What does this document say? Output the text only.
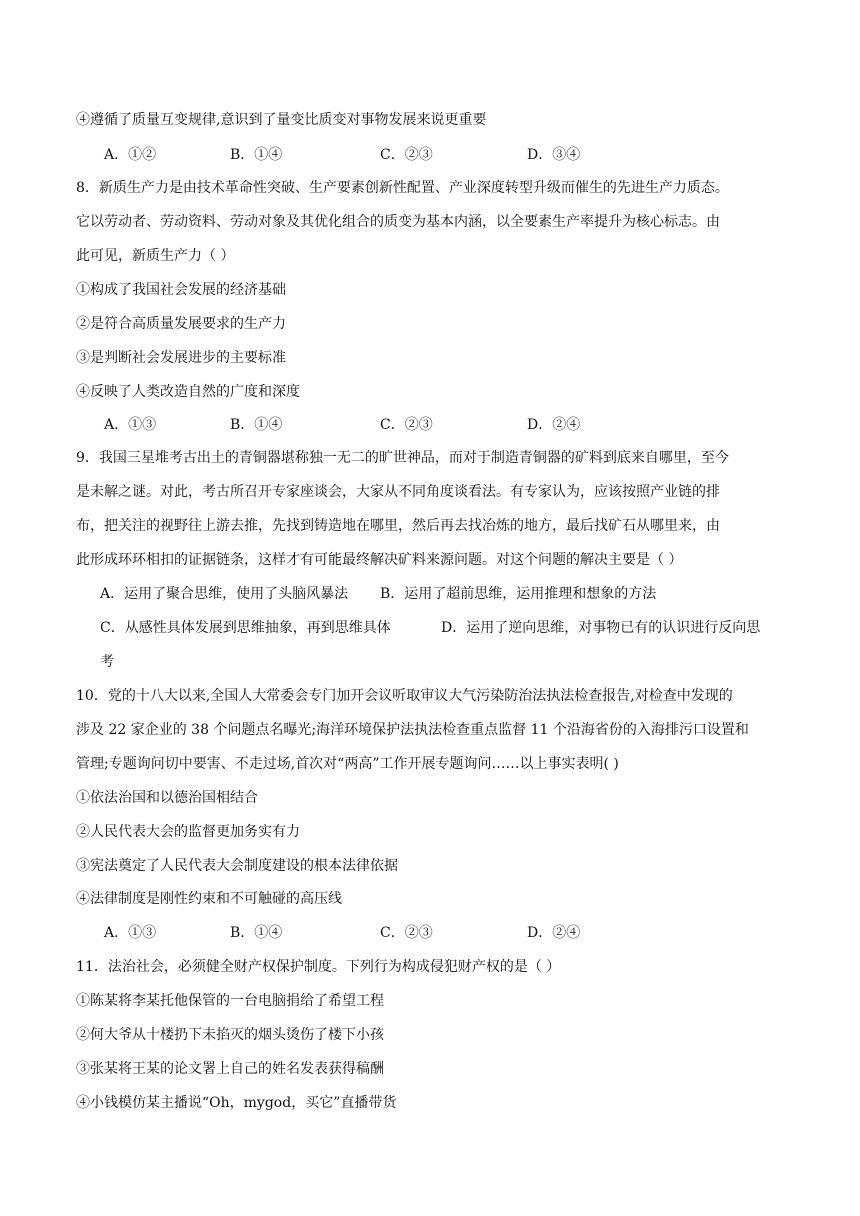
④遵循了质量互变规律,意识到了量变比质变对事物发展来说更重要
A．①②	B．①④	C．②③	D．③④
8．新质生产力是由技术革命性突破、生产要素创新性配置、产业深度转型升级而催生的先进生产力质态。
它以劳动者、劳动资料、劳动对象及其优化组合的质变为基本内涵，以全要素生产率提升为核心标志。由
此可见，新质生产力（ ）
①构成了我国社会发展的经济基础
②是符合高质量发展要求的生产力
③是判断社会发展进步的主要标准
④反映了人类改造自然的广度和深度
A．①③	B．①④	C．②③	D．②④
9．我国三星堆考古出土的青铜器堪称独一无二的旷世神品，而对于制造青铜器的矿料到底来自哪里，至今
是未解之谜。对此，考古所召开专家座谈会，大家从不同角度谈看法。有专家认为，应该按照产业链的排
布，把关注的视野往上游去推，先找到铸造地在哪里，然后再去找冶炼的地方，最后找矿石从哪里来，由
此形成环环相扣的证据链条，这样才有可能最终解决矿料来源问题。对这个问题的解决主要是（ ）
A．运用了聚合思维，使用了头脑风暴法 B．运用了超前思维，运用推理和想象的方法
C．从感性具体发展到思维抽象，再到思维具体	D．运用了逆向思维，对事物已有的认识进行反向思
考
10．党的十八大以来,全国人大常委会专门加开会议听取审议大气污染防治法执法检查报告,对检查中发现的
涉及 22 家企业的 38 个问题点名曝光;海洋环境保护法执法检查重点监督 11 个沿海省份的入海排污口设置和
管理;专题询问切中要害、不走过场,首次对“两高”工作开展专题询问……以上事实表明( )
①依法治国和以德治国相结合
②人民代表大会的监督更加务实有力
③宪法奠定了人民代表大会制度建设的根本法律依据
④法律制度是刚性约束和不可触碰的高压线
A．①③	B．①④	C．②③	D．②④
11．法治社会，必须健全财产权保护制度。下列行为构成侵犯财产权的是（ ）
①陈某将李某托他保管的一台电脑捐给了希望工程
②何大爷从十楼扔下未掐灭的烟头烫伤了楼下小孩
③张某将王某的论文署上自己的姓名发表获得稿酬
④小钱模仿某主播说“Oh，mygod，买它”直播带货
